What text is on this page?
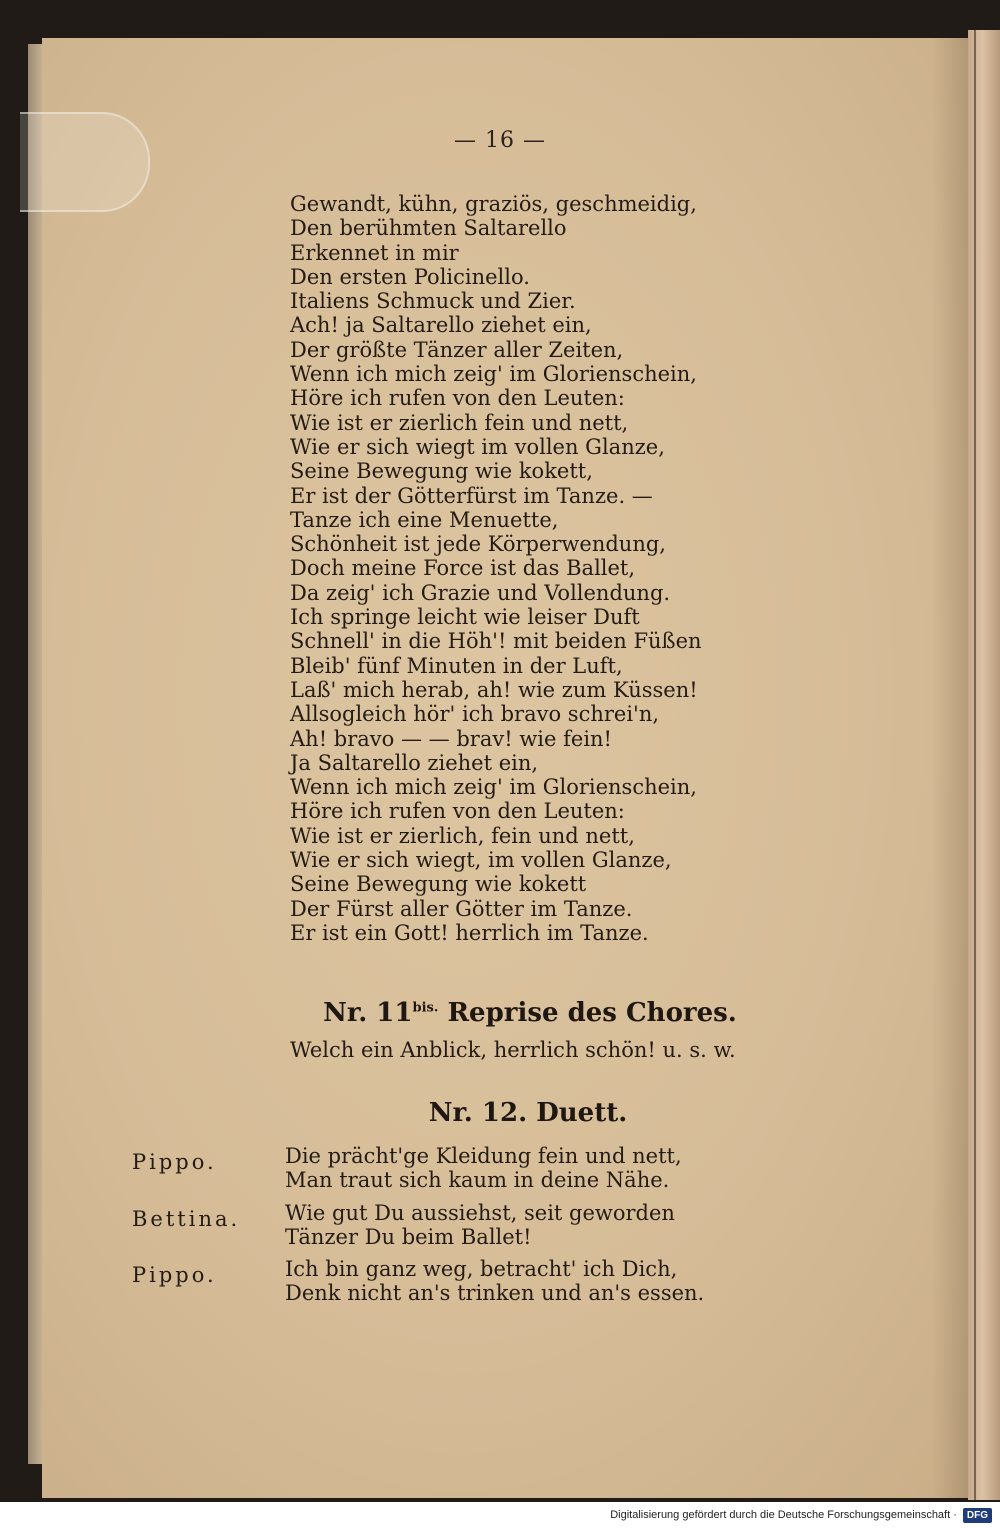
— 16 —
Gewandt, kühn, graziös, geschmeidig,
Den berühmten Saltarello
Erkennet in mir
Den ersten Policinello.
Italiens Schmuck und Zier.
Ach! ja Saltarello ziehet ein,
Der größte Tänzer aller Zeiten,
Wenn ich mich zeig' im Glorienschein,
Höre ich rufen von den Leuten:
Wie ist er zierlich fein und nett,
Wie er sich wiegt im vollen Glanze,
Seine Bewegung wie kokett,
Er ist der Götterfürst im Tanze. —
Tanze ich eine Menuette,
Schönheit ist jede Körperwendung,
Doch meine Force ist das Ballet,
Da zeig' ich Grazie und Vollendung.
Ich springe leicht wie leiser Duft
Schnell' in die Höh'! mit beiden Füßen
Bleib' fünf Minuten in der Luft,
Laß' mich herab, ah! wie zum Küssen!
Allsogleich hör' ich bravo schrei'n,
Ah! bravo — — brav! wie fein!
Ja Saltarello ziehet ein,
Wenn ich mich zeig' im Glorienschein,
Höre ich rufen von den Leuten:
Wie ist er zierlich, fein und nett,
Wie er sich wiegt, im vollen Glanze,
Seine Bewegung wie kokett
Der Fürst aller Götter im Tanze.
Er ist ein Gott! herrlich im Tanze.
Nr. $11^{bis.}$ Reprise des Chores.
Welch ein Anblick, herrlich schön! u. s. w.
Nr. 12. Duett.
Pippo.	Die prächt'ge Kleidung fein und nett,
Man traut sich kaum in deine Nähe.
Bettina.	Wie gut Du aussiehst, seit geworden
Tänzer Du beim Ballet!
Pippo.	Ich bin ganz weg, betracht' ich Dich,
Denk nicht an's trinken und an's essen.
Digitalisierung gefördert durch die Deutsche Forschungsgemeinschaft ·	DFG
